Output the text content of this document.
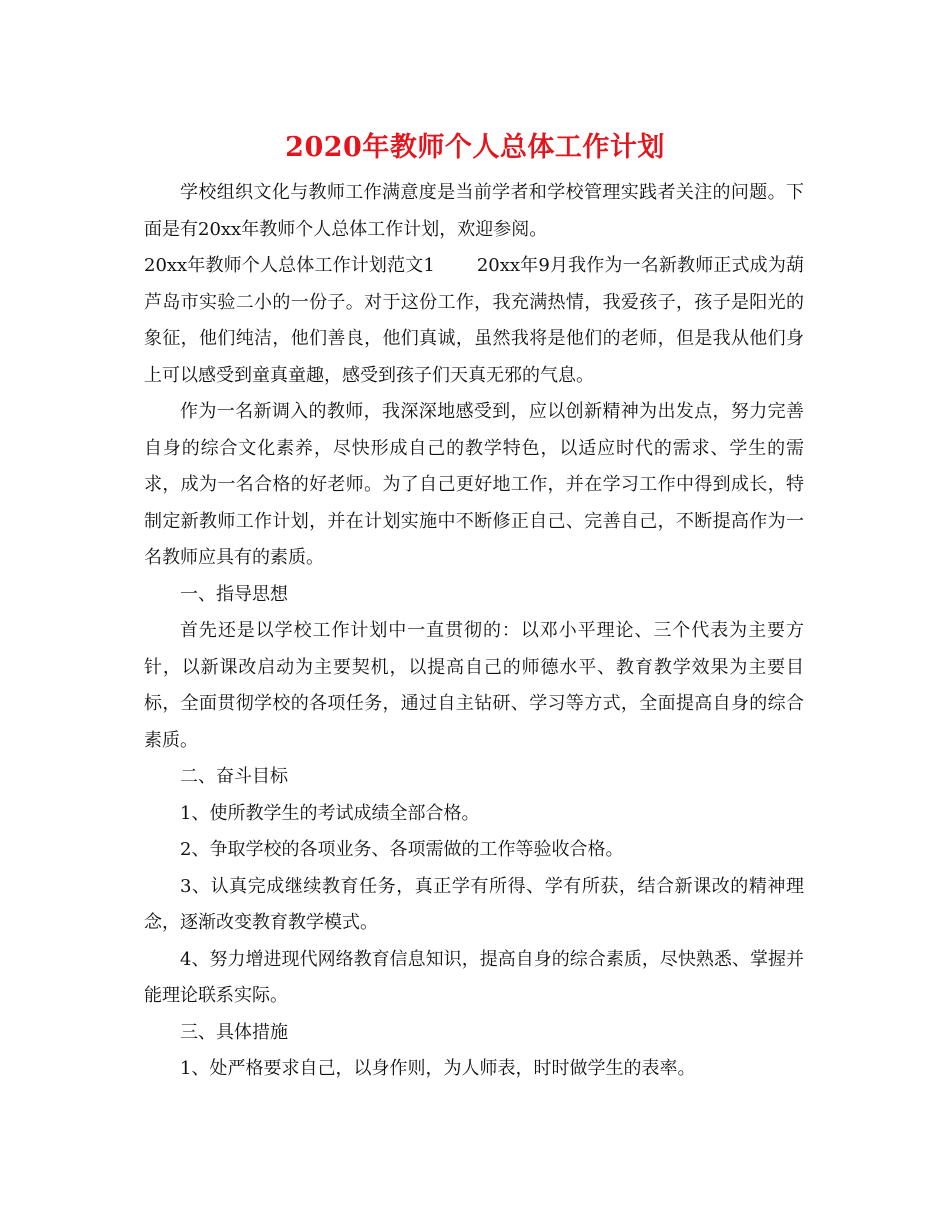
2020年教师个人总体工作计划

学校组织文化与教师工作满意度是当前学者和学校管理实践者关注的问题。下面是有20xx年教师个人总体工作计划，欢迎参阅。

20xx年教师个人总体工作计划范文1 20xx年9月我作为一名新教师正式成为葫芦岛市实验二小的一份子。对于这份工作，我充满热情，我爱孩子，孩子是阳光的象征，他们纯洁，他们善良，他们真诚，虽然我将是他们的老师，但是我从他们身上可以感受到童真童趣，感受到孩子们天真无邪的气息。

作为一名新调入的教师，我深深地感受到，应以创新精神为出发点，努力完善自身的综合文化素养，尽快形成自己的教学特色，以适应时代的需求、学生的需求，成为一名合格的好老师。为了自己更好地工作，并在学习工作中得到成长，特制定新教师工作计划，并在计划实施中不断修正自己、完善自己，不断提高作为一名教师应具有的素质。

一、指导思想

首先还是以学校工作计划中一直贯彻的：以邓小平理论、三个代表为主要方针，以新课改启动为主要契机，以提高自己的师德水平、教育教学效果为主要目标，全面贯彻学校的各项任务，通过自主钻研、学习等方式，全面提高自身的综合素质。

二、奋斗目标

1、使所教学生的考试成绩全部合格。

2、争取学校的各项业务、各项需做的工作等验收合格。

3、认真完成继续教育任务，真正学有所得、学有所获，结合新课改的精神理念，逐渐改变教育教学模式。

4、努力增进现代网络教育信息知识，提高自身的综合素质，尽快熟悉、掌握并能理论联系实际。

三、具体措施

1、处严格要求自己，以身作则，为人师表，时时做学生的表率。
